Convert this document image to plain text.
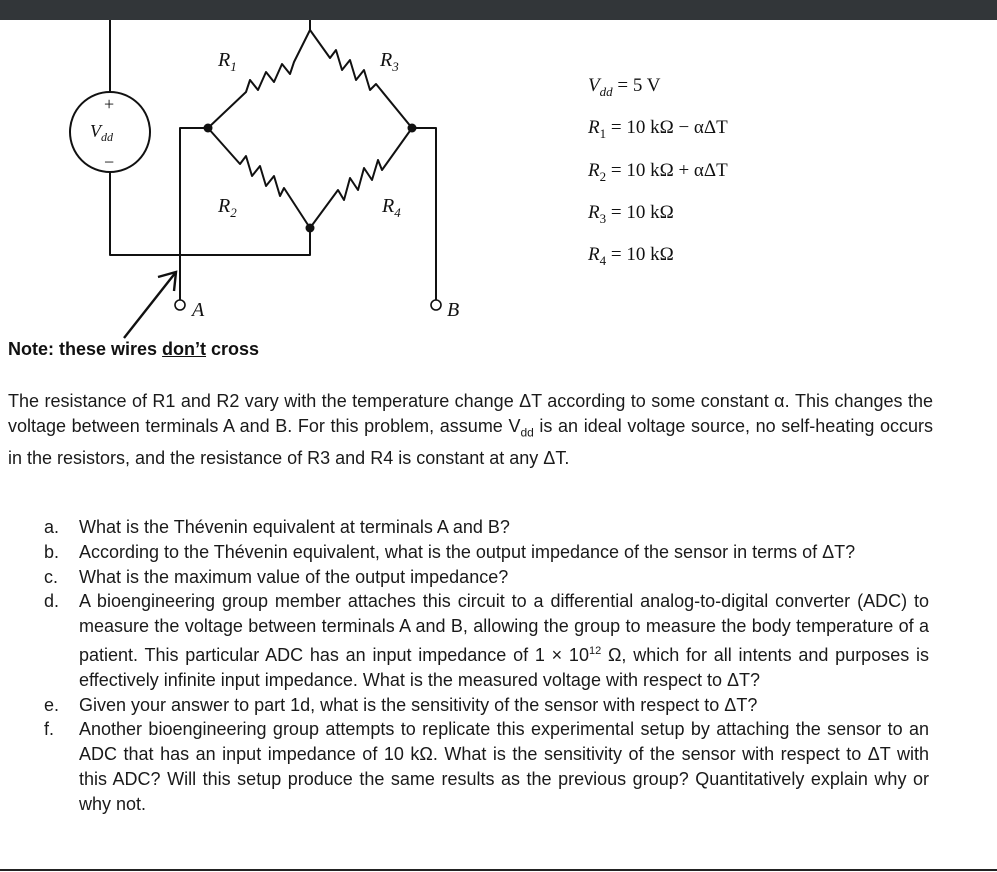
+
−
$V_{dd}$
$R_1$	$R_3$
$R_2$	$R_4$
A	B
$V_{dd} = 5$ V
$R_1 = 10$ kΩ − αΔT
$R_2 = 10$ kΩ + αΔT
$R_3 = 10$ kΩ
$R_4 = 10$ kΩ
Note: these wires don’t cross
The resistance of R1 and R2 vary with the temperature change ΔT according to some constant α. This changes the voltage between terminals A and B. For this problem, assume $V_{dd}$ is an ideal voltage source, no self-heating occurs in the resistors, and the resistance of R3 and R4 is constant at any ΔT.
a. What is the Thévenin equivalent at terminals A and B?
b. According to the Thévenin equivalent, what is the output impedance of the sensor in terms of ΔT?
c. What is the maximum value of the output impedance?
d. A bioengineering group member attaches this circuit to a differential analog-to-digital converter (ADC) to measure the voltage between terminals A and B, allowing the group to measure the body temperature of a patient. This particular ADC has an input impedance of $1 \times 10^{12}$ Ω, which for all intents and purposes is effectively infinite input impedance. What is the measured voltage with respect to ΔT?
e. Given your answer to part 1d, what is the sensitivity of the sensor with respect to ΔT?
f. Another bioengineering group attempts to replicate this experimental setup by attaching the sensor to an ADC that has an input impedance of 10 kΩ. What is the sensitivity of the sensor with respect to ΔT with this ADC? Will this setup produce the same results as the previous group? Quantitatively explain why or why not.
